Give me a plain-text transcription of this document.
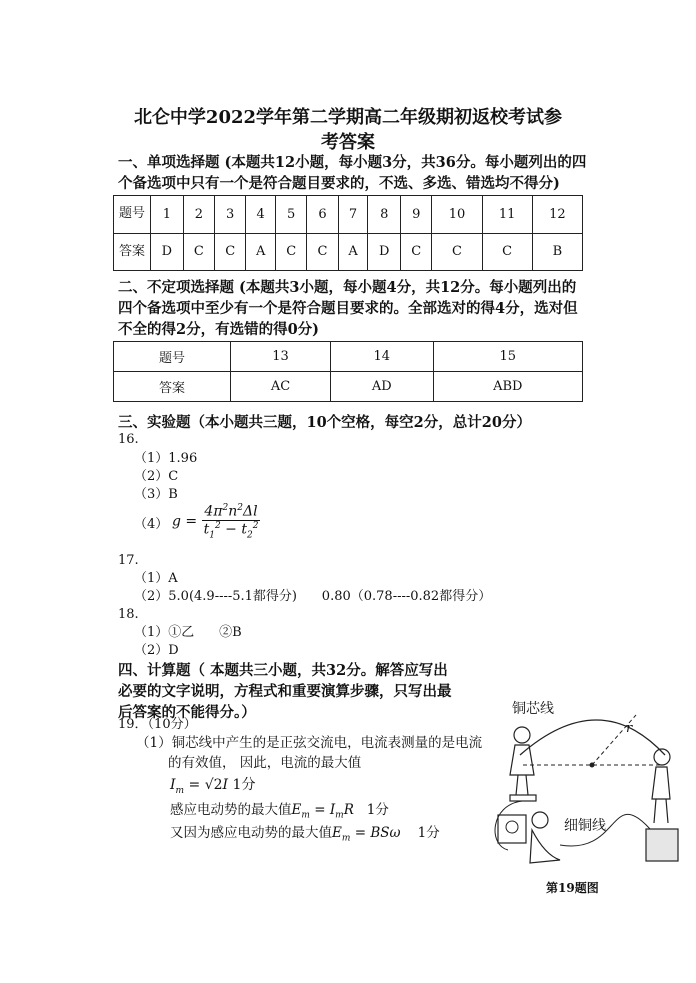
北仑中学2022学年第二学期高二年级期初返校考试参
考答案
一、单项选择题 (本题共12小题，每小题3分，共36分。每小题列出的四个备选项中只有一个是符合题目要求的，不选、多选、错选均不得分)
题号	1	2	3	4	5	6	7	8	9	10	11	12
答案	D	C	C	A	C	C	A	D	C	C	C	B
二、不定项选择题 (本题共3小题，每小题4分，共12分。每小题列出的四个备选项中至少有一个是符合题目要求的。全部选对的得4分，选对但不全的得2分，有选错的得0分)
题号	13	14	15
答案	AC	AD	ABD
三、实验题（本小题共三题，10个空格，每空2分，总计20分）
16.
（1）1.96
（2）C
（3）B
（4） $g = \frac{4\pi^2n^2\Delta l}{t_1^2 - t_2^2}$
17.
（1）A
（2）5.0(4.9----5.1都得分)      0.80（0.78----0.82都得分）
18.
（1）①乙      ②B
（2）D
四、计算题（ 本题共三小题，共32分。解答应写出必要的文字说明，方程式和重要演算步骤，只写出最后答案的不能得分。）
19．（10分）
（1）铜芯线中产生的是正弦交流电，电流表测量的是电流的有效值， 因此，电流的最大值
$I_m = √2I$ 1分
感应电动势的最大值$E_m = I_mR$ 1分
又因为感应电动势的最大值$E_m = BS\omega$ 1分
铜芯线
细铜线
r
第19题图
